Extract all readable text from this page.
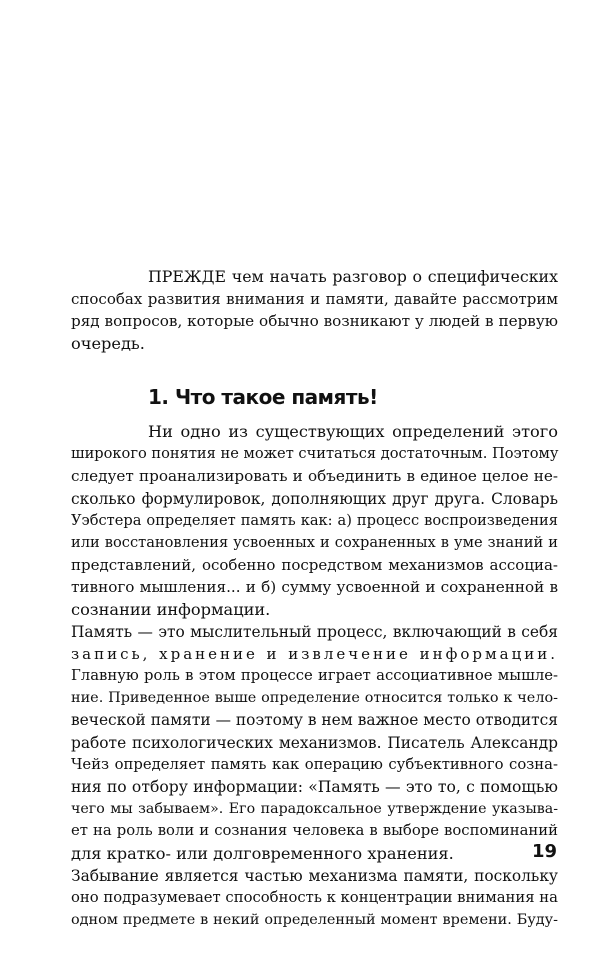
ПРЕЖДЕ чем начать разговор о специфических
способах развития внимания и памяти, давайте рассмотрим
ряд вопросов, которые обычно возникают у людей в первую
очередь.
1. Что такое память!
Ни одно из существующих определений этого
широкого понятия не может считаться достаточным. Поэтому
следует проанализировать и объединить в единое целое не-
сколько формулировок, дополняющих друг друга. Словарь
Уэбстера определяет память как: а) процесс воспроизведения
или восстановления усвоенных и сохраненных в уме знаний и
представлений, особенно посредством механизмов ассоциа-
тивного мышления... и б) сумму усвоенной и сохраненной в
сознании информации.
Память — это мыслительный процесс, включающий в себя
запись, хранение и извлечение информации.
Главную роль в этом процессе играет ассоциативное мышле-
ние. Приведенное выше определение относится только к чело-
веческой памяти — поэтому в нем важное место отводится
работе психологических механизмов. Писатель Александр
Чейз определяет память как операцию субъективного созна-
ния по отбору информации: «Память — это то, с помощью
чего мы забываем». Его парадоксальное утверждение указыва-
ет на роль воли и сознания человека в выборе воспоминаний
для кратко- или долговременного хранения.
Забывание является частью механизма памяти, поскольку
оно подразумевает способность к концентрации внимания на
одном предмете в некий определенный момент времени. Буду-
19
